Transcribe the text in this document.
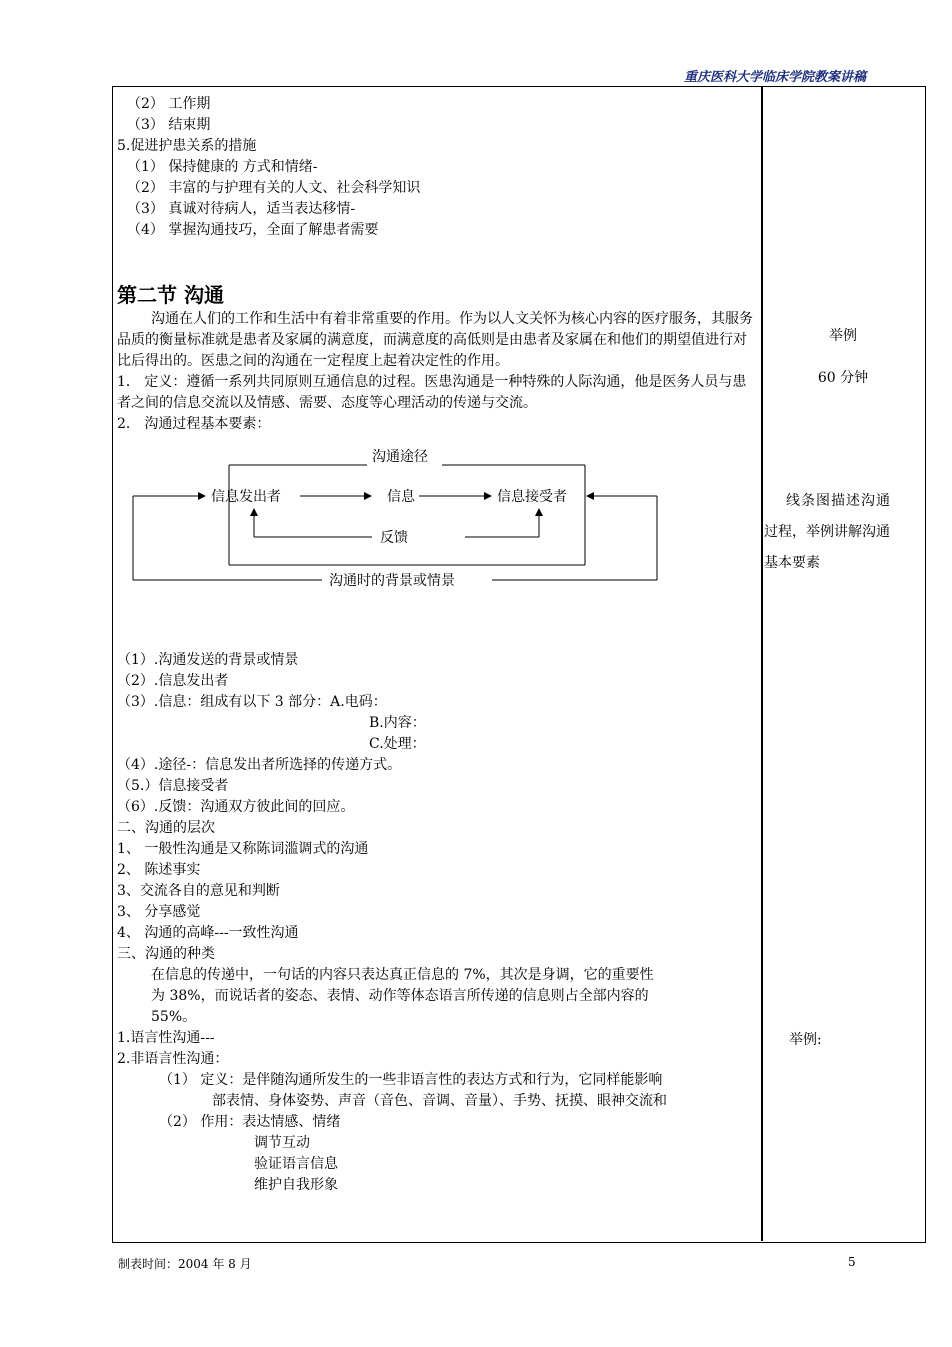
重庆医科大学临床学院教案讲稿

（2） 工作期

（3） 结束期

5.促进护患关系的措施

（1） 保持健康的 方式和情绪-

（2） 丰富的与护理有关的人文、社会科学知识

（3） 真诚对待病人，适当表达移情-

（4） 掌握沟通技巧，全面了解患者需要

第二节 沟通

沟通在人们的工作和生活中有着非常重要的作用。作为以人文关怀为核心内容的医疗服务，其服务品质的衡量标准就是患者及家属的满意度，而满意度的高低则是由患者及家属在和他们的期望值进行对比后得出的。医患之间的沟通在一定程度上起着决定性的作用。

1． 定义：遵循一系列共同原则互通信息的过程。医患沟通是一种特殊的人际沟通，他是医务人员与患者之间的信息交流以及情感、需要、态度等心理活动的传递与交流。

2． 沟通过程基本要素：

沟通途径
沟通时的背景或情景
信息发出者	信息	信息接受者
反馈

（1）.沟通发送的背景或情景

（2）.信息发出者

（3）.信息：组成有以下 3 部分：A.电码：

B.内容：

C.处理：

（4）.途径-：信息发出者所选择的传递方式。

（5.）信息接受者

（6）.反馈：沟通双方彼此间的回应。

二、沟通的层次

1、 一般性沟通是又称陈词滥调式的沟通

2、 陈述事实

3、交流各自的意见和判断

3、 分享感觉

4、 沟通的高峰---一致性沟通

三、沟通的种类

在信息的传递中，一句话的内容只表达真正信息的 7%，其次是身调，它的重要性

为 38%，而说话者的姿态、表情、动作等体态语言所传递的信息则占全部内容的

55%。

1.语言性沟通---

2.非语言性沟通：

（1） 定义：是伴随沟通所发生的一些非语言性的表达方式和行为，它同样能影响

部表情、身体姿势、声音（音色、音调、音量）、手势、抚摸、眼神交流和

（2） 作用：表达情感、情绪

调节互动

验证语言信息

维护自我形象

举例
60 分钟
线条图描述沟通
过程，举例讲解沟通
基本要素
举例:
制表时间：2004 年 8 月	5
